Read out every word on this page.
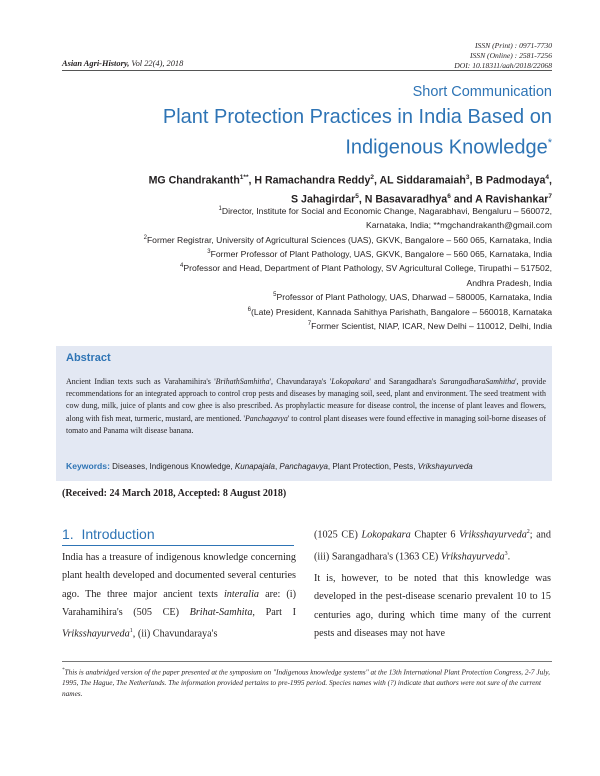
Asian Agri-History, Vol 22(4), 2018
ISSN (Print) : 0971-7730
ISSN (Online) : 2581-7256
DOI: 10.18311/aah/2018/22068
Short Communication
Plant Protection Practices in India Based on Indigenous Knowledge*
MG Chandrakanth$^{1**}$, H Ramachandra Reddy$^2$, AL Siddaramaiah$^3$, B Padmodaya$^4$,
S Jahagirdar$^5$, N Basavaradhya$^6$ and A Ravishankar$^7$
$^1$Director, Institute for Social and Economic Change, Nagarabhavi, Bengaluru – 560072,
Karnataka, India; **mgchandrakanth@gmail.com
$^2$Former Registrar, University of Agricultural Sciences (UAS), GKVK, Bangalore – 560 065, Karnataka, India
$^3$Former Professor of Plant Pathology, UAS, GKVK, Bangalore – 560 065, Karnataka, India
$^4$Professor and Head, Department of Plant Pathology, SV Agricultural College, Tirupathi – 517502,
Andhra Pradesh, India
$^5$Professor of Plant Pathology, UAS, Dharwad – 580005, Karnataka, India
$^6$(Late) President, Kannada Sahithya Parishath, Bangalore – 560018, Karnataka
$^7$Former Scientist, NIAP, ICAR, New Delhi – 110012, Delhi, India
Abstract
Ancient Indian texts such as Varahamihira's 'BrihathSamhitha', Chavundaraya's 'Lokopakara' and Sarangadhara's SarangadharaSamhitha', provide recommendations for an integrated approach to control crop pests and diseases by managing soil, seed, plant and environment. The seed treatment with cow dung, milk, juice of plants and cow ghee is also prescribed. As prophylactic measure for disease control, the incense of plant leaves and flowers, along with fish meat, turmeric, mustard, are mentioned. 'Panchagavya' to control plant diseases were found effective in managing soil-borne diseases of tomato and Panama wilt disease banana.
Keywords: Diseases, Indigenous Knowledge, Kunapajala, Panchagavya, Plant Protection, Pests, Vrikshayurveda
(Received: 24 March 2018, Accepted: 8 August 2018)
1. Introduction
India has a treasure of indigenous knowledge concerning plant health developed and documented several centuries ago. The three major ancient texts interalia are: (i) Varahamihira's (505 CE) Brihat-Samhita, Part I Vriksshayurveda$^1$, (ii) Chavundaraya's
(1025 CE) Lokopakara Chapter 6 Vriksshayurveda$^2$; and (iii) Sarangadhara's (1363 CE) Vrikshayurveda$^3$.
It is, however, to be noted that this knowledge was developed in the pest-disease scenario prevalent 10 to 15 centuries ago, during which time many of the current pests and diseases may not have
*This is anabridged version of the paper presented at the symposium on "Indigenous knowledge systems" at the 13th International Plant Protection Congress, 2-7 July, 1995, The Hague, The Netherlands. The information provided pertains to pre-1995 period. Species names with (?) indicate that authors were not sure of the current names.
